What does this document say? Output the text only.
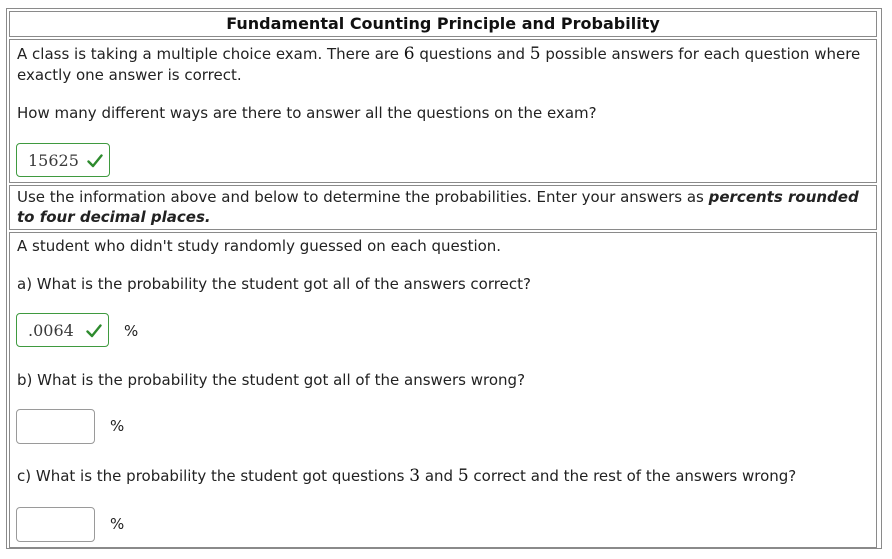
Fundamental Counting Principle and Probability

A class is taking a multiple choice exam. There are 6 questions and 5 possible answers for each question where exactly one answer is correct.

How many different ways are there to answer all the questions on the exam?

15625

Use the information above and below to determine the probabilities. Enter your answers as percents rounded to four decimal places.

A student who didn't study randomly guessed on each question.

a) What is the probability the student got all of the answers correct?

.0064	%

b) What is the probability the student got all of the answers wrong?

%

c) What is the probability the student got questions 3 and 5 correct and the rest of the answers wrong?

%
